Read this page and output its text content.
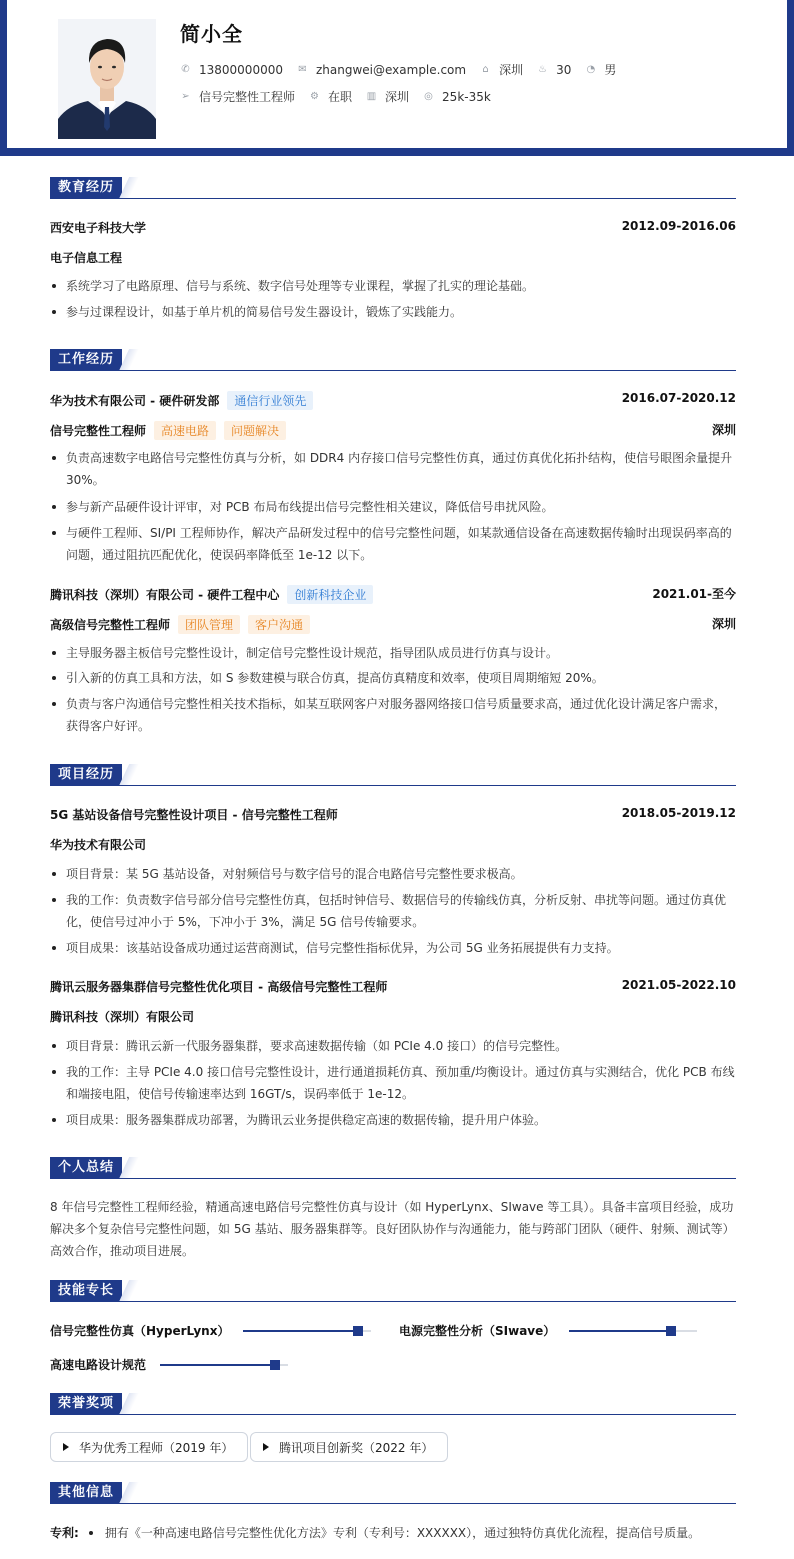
简小全
✆ 13800000000 ✉ zhangwei@example.com ⌂ 深圳 ♨ 30 ◔ 男
➢ 信号完整性工程师 ⚙ 在职 ▥ 深圳 ◎ 25k-35k
教育经历
西安电子科技大学	2012.09-2016.06
电子信息工程
系统学习了电路原理、信号与系统、数字信号处理等专业课程，掌握了扎实的理论基础。
参与过课程设计，如基于单片机的简易信号发生器设计，锻炼了实践能力。
工作经历
华为技术有限公司 - 硬件研发部	通信行业领先	2016.07-2020.12
信号完整性工程师	高速电路	问题解决	深圳
负责高速数字电路信号完整性仿真与分析，如 DDR4 内存接口信号完整性仿真，通过仿真优化拓扑结构，使信号眼图余量提升 30%。
参与新产品硬件设计评审，对 PCB 布局布线提出信号完整性相关建议，降低信号串扰风险。
与硬件工程师、SI/PI 工程师协作，解决产品研发过程中的信号完整性问题，如某款通信设备在高速数据传输时出现误码率高的问题，通过阻抗匹配优化，使误码率降低至 1e-12 以下。
腾讯科技（深圳）有限公司 - 硬件工程中心	创新科技企业	2021.01-至今
高级信号完整性工程师	团队管理	客户沟通	深圳
主导服务器主板信号完整性设计，制定信号完整性设计规范，指导团队成员进行仿真与设计。
引入新的仿真工具和方法，如 S 参数建模与联合仿真，提高仿真精度和效率，使项目周期缩短 20%。
负责与客户沟通信号完整性相关技术指标，如某互联网客户对服务器网络接口信号质量要求高，通过优化设计满足客户需求，获得客户好评。
项目经历
5G 基站设备信号完整性设计项目 - 信号完整性工程师	2018.05-2019.12
华为技术有限公司
项目背景：某 5G 基站设备，对射频信号与数字信号的混合电路信号完整性要求极高。
我的工作：负责数字信号部分信号完整性仿真，包括时钟信号、数据信号的传输线仿真，分析反射、串扰等问题。通过仿真优化，使信号过冲小于 5%，下冲小于 3%，满足 5G 信号传输要求。
项目成果：该基站设备成功通过运营商测试，信号完整性指标优异，为公司 5G 业务拓展提供有力支持。
腾讯云服务器集群信号完整性优化项目 - 高级信号完整性工程师	2021.05-2022.10
腾讯科技（深圳）有限公司
项目背景：腾讯云新一代服务器集群，要求高速数据传输（如 PCIe 4.0 接口）的信号完整性。
我的工作：主导 PCIe 4.0 接口信号完整性设计，进行通道损耗仿真、预加重/均衡设计。通过仿真与实测结合，优化 PCB 布线和端接电阻，使信号传输速率达到 16GT/s，误码率低于 1e-12。
项目成果：服务器集群成功部署，为腾讯云业务提供稳定高速的数据传输，提升用户体验。
个人总结
8 年信号完整性工程师经验，精通高速电路信号完整性仿真与设计（如 HyperLynx、SIwave 等工具）。具备丰富项目经验，成功解决多个复杂信号完整性问题，如 5G 基站、服务器集群等。良好团队协作与沟通能力，能与跨部门团队（硬件、射频、测试等）高效合作，推动项目进展。
技能专长
信号完整性仿真（HyperLynx）	电源完整性分析（SIwave）
高速电路设计规范
荣誉奖项
华为优秀工程师（2019 年）	腾讯项目创新奖（2022 年）
其他信息
专利: 拥有《一种高速电路信号完整性优化方法》专利（专利号：XXXXXX），通过独特仿真优化流程，提高信号质量。
